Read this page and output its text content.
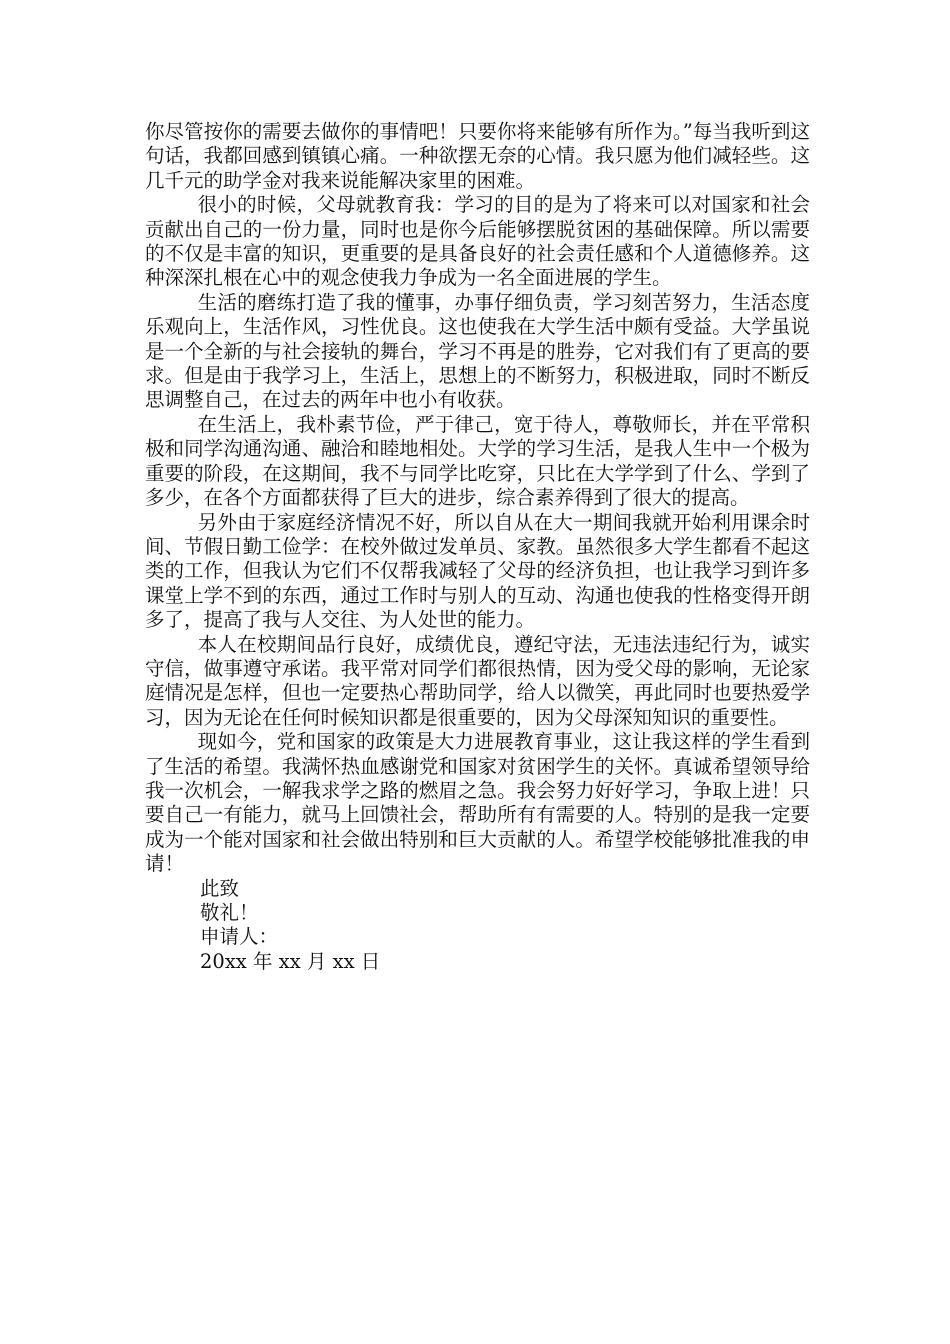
你尽管按你的需要去做你的事情吧！只要你将来能够有所作为。”每当我听到这句话，我都回感到镇镇心痛。一种欲摆无奈的心情。我只愿为他们减轻些。这几千元的助学金对我来说能解决家里的困难。

很小的时候，父母就教育我：学习的目的是为了将来可以对国家和社会贡献出自己的一份力量，同时也是你今后能够摆脱贫困的基础保障。所以需要的不仅是丰富的知识，更重要的是具备良好的社会责任感和个人道德修养。这种深深扎根在心中的观念使我力争成为一名全面进展的学生。

生活的磨练打造了我的懂事，办事仔细负责，学习刻苦努力，生活态度乐观向上，生活作风，习性优良。这也使我在大学生活中颇有受益。大学虽说是一个全新的与社会接轨的舞台，学习不再是的胜券，它对我们有了更高的要求。但是由于我学习上，生活上，思想上的不断努力，积极进取，同时不断反思调整自己，在过去的两年中也小有收获。

在生活上，我朴素节俭，严于律己，宽于待人，尊敬师长，并在平常积极和同学沟通沟通、融洽和睦地相处。大学的学习生活，是我人生中一个极为重要的阶段，在这期间，我不与同学比吃穿，只比在大学学到了什么、学到了多少，在各个方面都获得了巨大的进步，综合素养得到了很大的提高。

另外由于家庭经济情况不好，所以自从在大一期间我就开始利用课余时间、节假日勤工俭学：在校外做过发单员、家教。虽然很多大学生都看不起这类的工作，但我认为它们不仅帮我减轻了父母的经济负担，也让我学习到许多课堂上学不到的东西，通过工作时与别人的互动、沟通也使我的性格变得开朗多了，提高了我与人交往、为人处世的能力。

本人在校期间品行良好，成绩优良，遵纪守法，无违法违纪行为，诚实守信，做事遵守承诺。我平常对同学们都很热情，因为受父母的影响，无论家庭情况是怎样，但也一定要热心帮助同学，给人以微笑，再此同时也要热爱学习，因为无论在任何时候知识都是很重要的，因为父母深知知识的重要性。

现如今，党和国家的政策是大力进展教育事业，这让我这样的学生看到了生活的希望。我满怀热血感谢党和国家对贫困学生的关怀。真诚希望领导给我一次机会，一解我求学之路的燃眉之急。我会努力好好学习，争取上进！只要自己一有能力，就马上回馈社会，帮助所有有需要的人。特别的是我一定要成为一个能对国家和社会做出特别和巨大贡献的人。希望学校能够批准我的申请！

此致

敬礼！

申请人：

20xx 年 xx 月 xx 日
